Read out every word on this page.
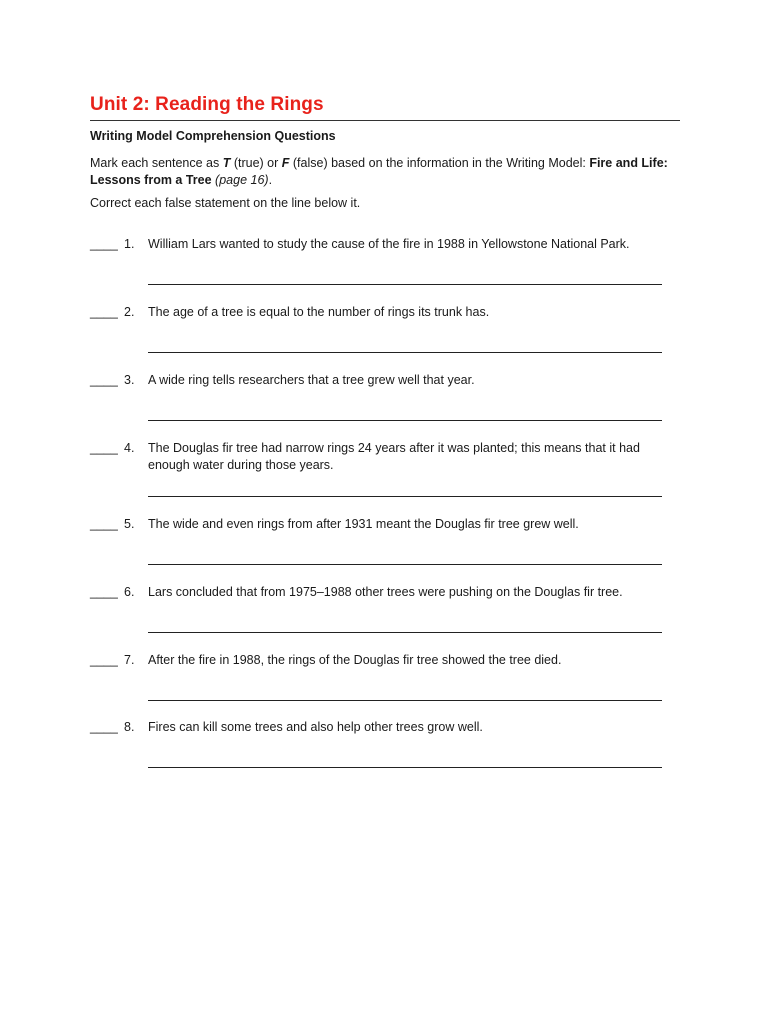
Unit 2: Reading the Rings
Writing Model Comprehension Questions
Mark each sentence as T (true) or F (false) based on the information in the Writing Model: Fire and Life: Lessons from a Tree (page 16).
Correct each false statement on the line below it.
____ 1. William Lars wanted to study the cause of the fire in 1988 in Yellowstone National Park.
____ 2. The age of a tree is equal to the number of rings its trunk has.
____ 3. A wide ring tells researchers that a tree grew well that year.
____ 4. The Douglas fir tree had narrow rings 24 years after it was planted; this means that it had enough water during those years.
____ 5. The wide and even rings from after 1931 meant the Douglas fir tree grew well.
____ 6. Lars concluded that from 1975–1988 other trees were pushing on the Douglas fir tree.
____ 7. After the fire in 1988, the rings of the Douglas fir tree showed the tree died.
____ 8. Fires can kill some trees and also help other trees grow well.
